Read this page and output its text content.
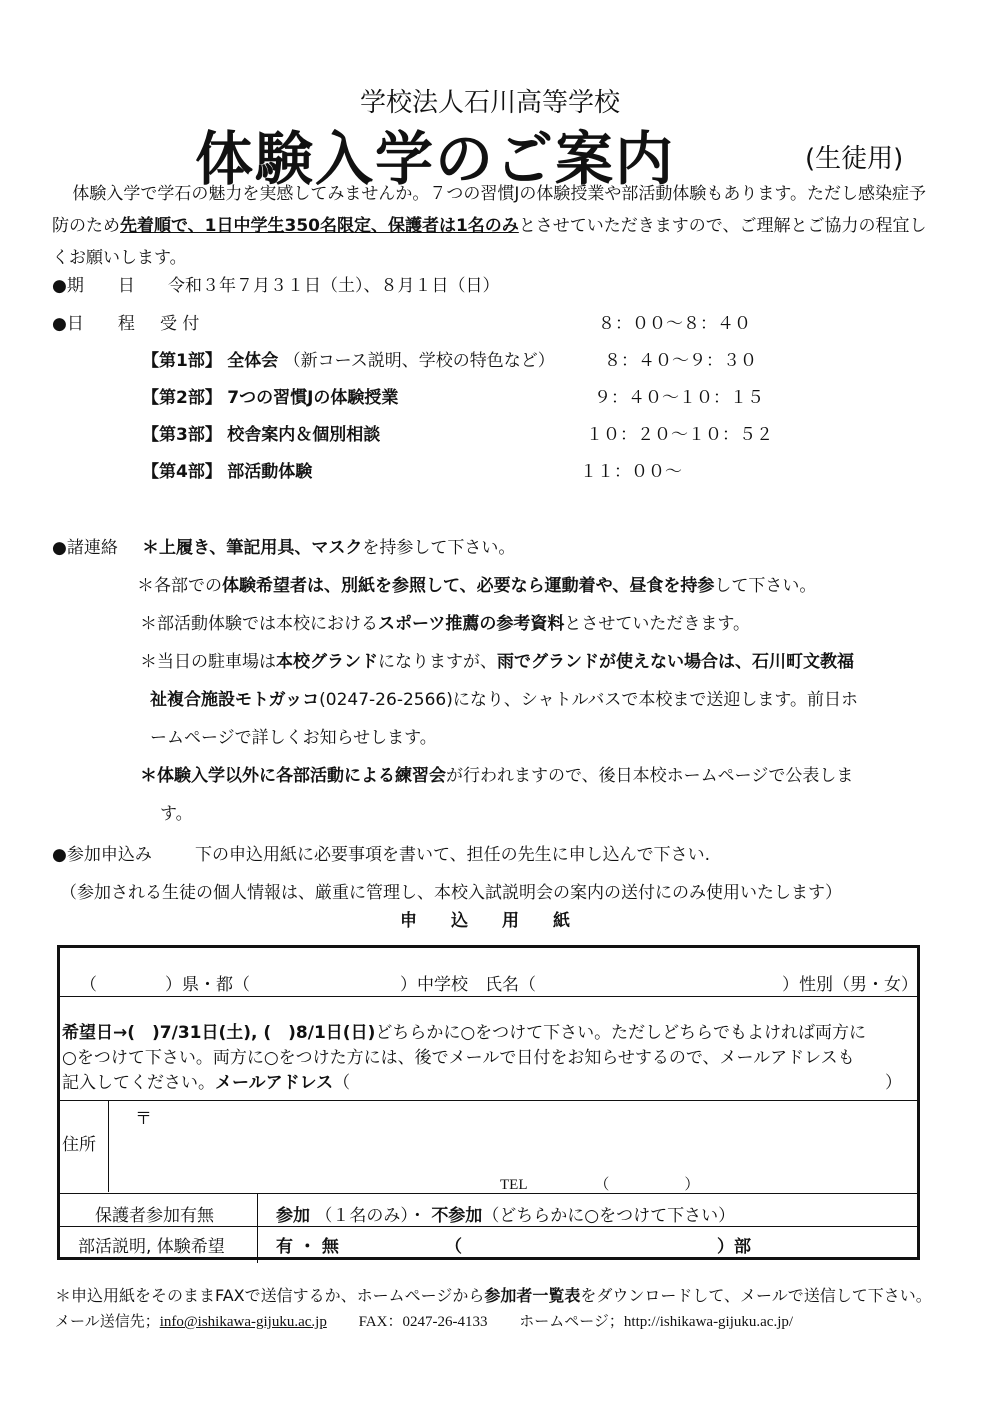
学校法人石川高等学校
体験入学のご案内	(生徒用)
体験入学で学石の魅力を実感してみませんか。７つの習慣Jの体験授業や部活動体験もあります。ただし感染症予防のため先着順で、1日中学生350名限定、保護者は1名のみとさせていただきますので、ご理解とご協力の程宜しくお願いします。
●期　　日 令和３年７月３１日（土）、８月１日（日）
●日　　程 受 付	８：００〜８：４０
【第1部】 全体会 （新コース説明、学校の特色など）	８：４０〜９：３０
【第2部】 7つの習慣Jの体験授業	９：４０〜１０：１５
【第3部】 校舎案内＆個別相談	１０：２０〜１０：５２
【第4部】 部活動体験	１１：００〜
●諸連絡 ＊上履き、筆記用具、マスクを持参して下さい。
＊各部での体験希望者は、別紙を参照して、必要なら運動着や、昼食を持参して下さい。
＊部活動体験では本校におけるスポーツ推薦の参考資料とさせていただきます。
＊当日の駐車場は本校グランドになりますが、雨でグランドが使えない場合は、石川町文教福
祉複合施設モトガッコ(0247-26-2566)になり、シャトルバスで本校まで送迎します。前日ホ
ームページで詳しくお知らせします。
＊体験入学以外に各部活動による練習会が行われますので、後日本校ホームページで公表しま
す。
●参加申込み	下の申込用紙に必要事項を書いて、担任の先生に申し込んで下さい.
（参加される生徒の個人情報は、厳重に管理し、本校入試説明会の案内の送付にのみ使用いたします）
申　　込　　用　　紙
（　　　　）県・都（	）中学校　氏名（	）性別（男・女）
希望日→(　)7/31日(土), (　)8/1日(日)どちらかに○をつけて下さい。ただしどちらでもよければ両方に
○をつけて下さい。両方に○をつけた方には、後でメールで日付をお知らせするので、メールアドレスも
記入してください。メールアドレス（	）
住所
〒
TEL　　　　　（　　　　　）
保護者参加有無	参加 （１名のみ）・ 不参加（どちらかに○をつけて下さい）
部活説明, 体験希望	有 ・ 無	（　　　　　　　　　　　　　　　）部
＊申込用紙をそのままFAXで送信するか、ホームページから参加者一覧表をダウンロードして、メールで送信して下さい。
メール送信先；info@ishikawa-gijuku.ac.jp FAX：0247-26-4133 ホームページ；http://ishikawa-gijuku.ac.jp/
